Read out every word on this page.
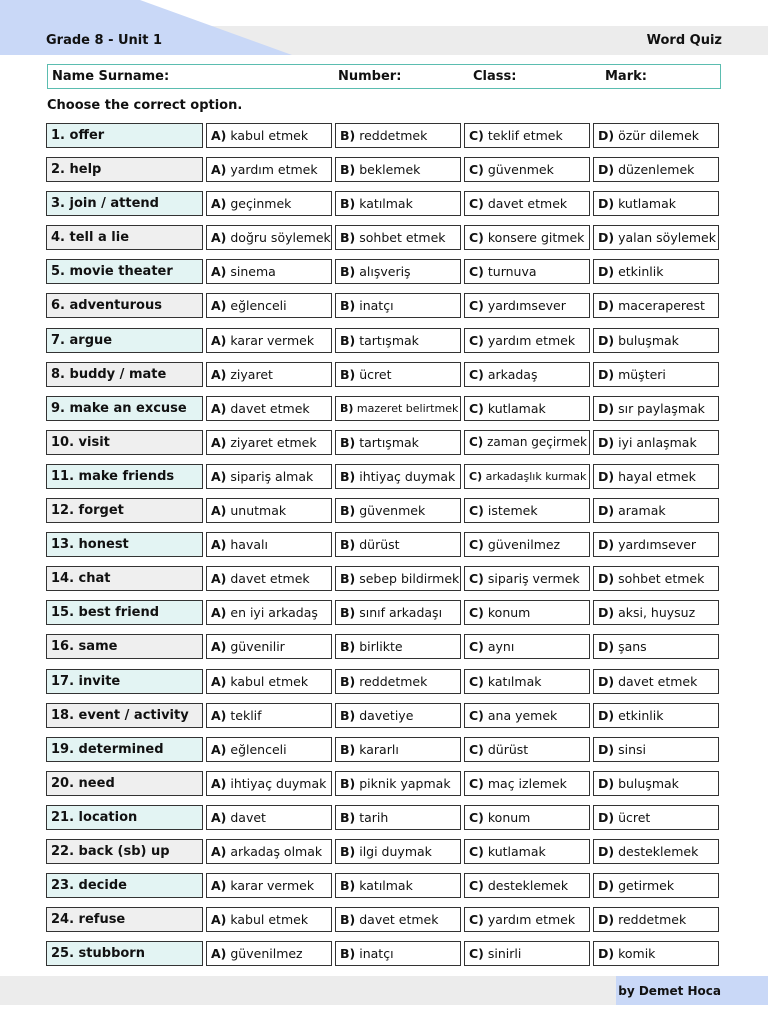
Grade 8 - Unit 1	Word Quiz
Name Surname:	Number:	Class:	Mark:
Choose the correct option.
1. offer	A) kabul etmek	B) reddetmek	C) teklif etmek	D) özür dilemek
2. help	A) yardım etmek	B) beklemek	C) güvenmek	D) düzenlemek
3. join / attend	A) geçinmek	B) katılmak	C) davet etmek	D) kutlamak
4. tell a lie	A) doğru söylemek B) sohbet etmek	C) konsere gitmek	D) yalan söylemek
5. movie theater	A) sinema	B) alışveriş	C) turnuva	D) etkinlik
6. adventurous	A) eğlenceli	B) inatçı	C) yardımsever	D) maceraperest
7. argue	A) karar vermek	B) tartışmak	C) yardım etmek	D) buluşmak
8. buddy / mate	A) ziyaret	B) ücret	C) arkadaş	D) müşteri
9. make an excuse	A) davet etmek	B) mazeret belirtmek C) kutlamak	D) sır paylaşmak
10. visit	A) ziyaret etmek	B) tartışmak	C) zaman geçirmek D) iyi anlaşmak
11. make friends	A) sipariş almak	B) ihtiyaç duymak	C) arkadaşlık kurmak D) hayal etmek
12. forget	A) unutmak	B) güvenmek	C) istemek	D) aramak
13. honest	A) havalı	B) dürüst	C) güvenilmez	D) yardımsever
14. chat	A) davet etmek	B) sebep bildirmek C) sipariş vermek	D) sohbet etmek
15. best friend	A) en iyi arkadaş	B) sınıf arkadaşı	C) konum	D) aksi, huysuz
16. same	A) güvenilir	B) birlikte	C) aynı	D) şans
17. invite	A) kabul etmek	B) reddetmek	C) katılmak	D) davet etmek
18. event / activity	A) teklif	B) davetiye	C) ana yemek	D) etkinlik
19. determined	A) eğlenceli	B) kararlı	C) dürüst	D) sinsi
20. need	A) ihtiyaç duymak	B) piknik yapmak	C) maç izlemek	D) buluşmak
21. location	A) davet	B) tarih	C) konum	D) ücret
22. back (sb) up	A) arkadaş olmak	B) ilgi duymak	C) kutlamak	D) desteklemek
23. decide	A) karar vermek	B) katılmak	C) desteklemek	D) getirmek
24. refuse	A) kabul etmek	B) davet etmek	C) yardım etmek	D) reddetmek
25. stubborn	A) güvenilmez	B) inatçı	C) sinirli	D) komik
by Demet Hoca
